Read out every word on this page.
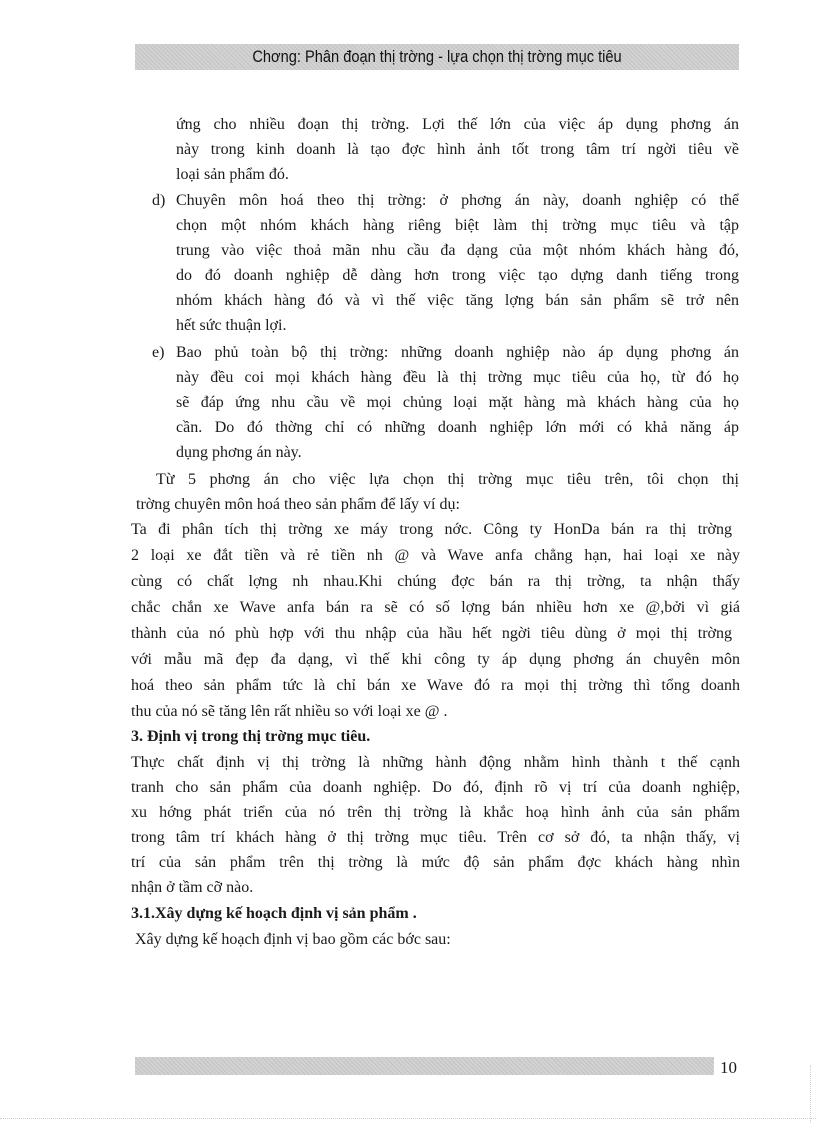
Chơng: Phân đoạn thị trờng - lựa chọn thị trờng mục tiêu
ứng cho nhiều đoạn thị trờng. Lợi thế lớn của việc áp dụng phơng án
này trong kinh doanh là tạo đợc hình ảnh tốt trong tâm trí ngời tiêu về
loại sản phẩm đó.
d) Chuyên môn hoá theo thị trờng: ở phơng án này, doanh nghiệp có thể
chọn một nhóm khách hàng riêng biệt làm thị trờng mục tiêu và tập
trung vào việc thoả mãn nhu cầu đa dạng của một nhóm khách hàng đó,
do đó doanh nghiệp dễ dàng hơn trong việc tạo dựng danh tiếng trong
nhóm khách hàng đó và vì thế việc tăng lợng bán sản phẩm sẽ trở nên
hết sức thuận lợi.
e) Bao phủ toàn bộ thị trờng: những doanh nghiệp nào áp dụng phơng án
này đều coi mọi khách hàng đều là thị trờng mục tiêu của họ, từ đó họ
sẽ đáp ứng nhu cầu về mọi chủng loại mặt hàng mà khách hàng của họ
cần. Do đó thờng chỉ có những doanh nghiệp lớn mới có khả năng áp
dụng phơng án này.
Từ 5 phơng án cho việc lựa chọn thị trờng mục tiêu trên, tôi chọn thị
trờng chuyên môn hoá theo sản phẩm để lấy ví dụ:
Ta đi phân tích thị trờng xe máy trong nớc. Công ty HonDa bán ra thị trờng
2 loại xe đắt tiền và rẻ tiền nh @ và Wave anfa chẳng hạn, hai loại xe này
cùng có chất lợng nh nhau.Khi chúng đợc bán ra thị trờng, ta nhận thấy
chắc chắn xe Wave anfa bán ra sẽ có số lợng bán nhiều hơn xe @,bởi vì giá
thành của nó phù hợp với thu nhập của hầu hết ngời tiêu dùng ở mọi thị trờng
với mẫu mã đẹp đa dạng, vì thế khi công ty áp dụng phơng án chuyên môn
hoá theo sản phẩm tức là chỉ bán xe Wave đó ra mọi thị trờng thì tổng doanh
thu của nó sẽ tăng lên rất nhiều so với loại xe @ .
3. Định vị trong thị trờng mục tiêu.
Thực chất định vị thị trờng là những hành động nhằm hình thành t thế cạnh
tranh cho sản phẩm của doanh nghiệp. Do đó, định rõ vị trí của doanh nghiệp,
xu hớng phát triển của nó trên thị trờng là khắc hoạ hình ảnh của sản phẩm
trong tâm trí khách hàng ở thị trờng mục tiêu. Trên cơ sở đó, ta nhận thấy, vị
trí của sản phẩm trên thị trờng là mức độ sản phẩm đợc khách hàng nhìn
nhận ở tầm cỡ nào.
3.1.Xây dựng kế hoạch định vị sản phẩm .
Xây dựng kế hoạch định vị bao gồm các bớc sau:
10
